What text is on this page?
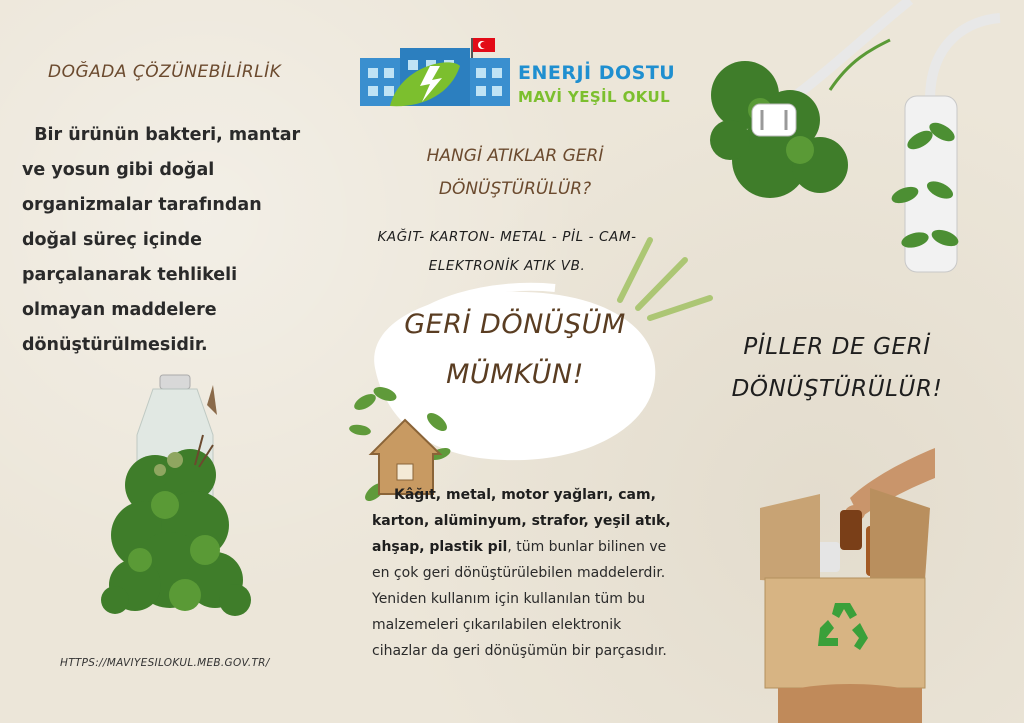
DOĞADA ÇÖZÜNEBİLİRLİK
Bir ürünün bakteri, mantar ve yosun gibi doğal organizmalar tarafından doğal süreç içinde parçalanarak tehlikeli olmayan maddelere dönüştürülmesidir.
HTTPS://MAVIYESILOKUL.MEB.GOV.TR/
ENERJİ DOSTU
MAVİ YEŞİL OKUL
HANGİ ATIKLAR GERİ DÖNÜŞTÜRÜLÜR?
KAĞIT- KARTON- METAL - PİL - CAM-ELEKTRONİK ATIK VB.
GERİ DÖNÜŞÜM MÜMKÜN!
Kâğıt, metal, motor yağları, cam, karton, alüminyum, strafor, yeşil atık, ahşap, plastik pil, tüm bunlar bilinen ve en çok geri dönüştürülebilen maddelerdir. Yeniden kullanım için kullanılan tüm bu malzemeleri çıkarılabilen elektronik cihazlar da geri dönüşümün bir parçasıdır.
PİLLER DE GERİ DÖNÜŞTÜRÜLÜR!
